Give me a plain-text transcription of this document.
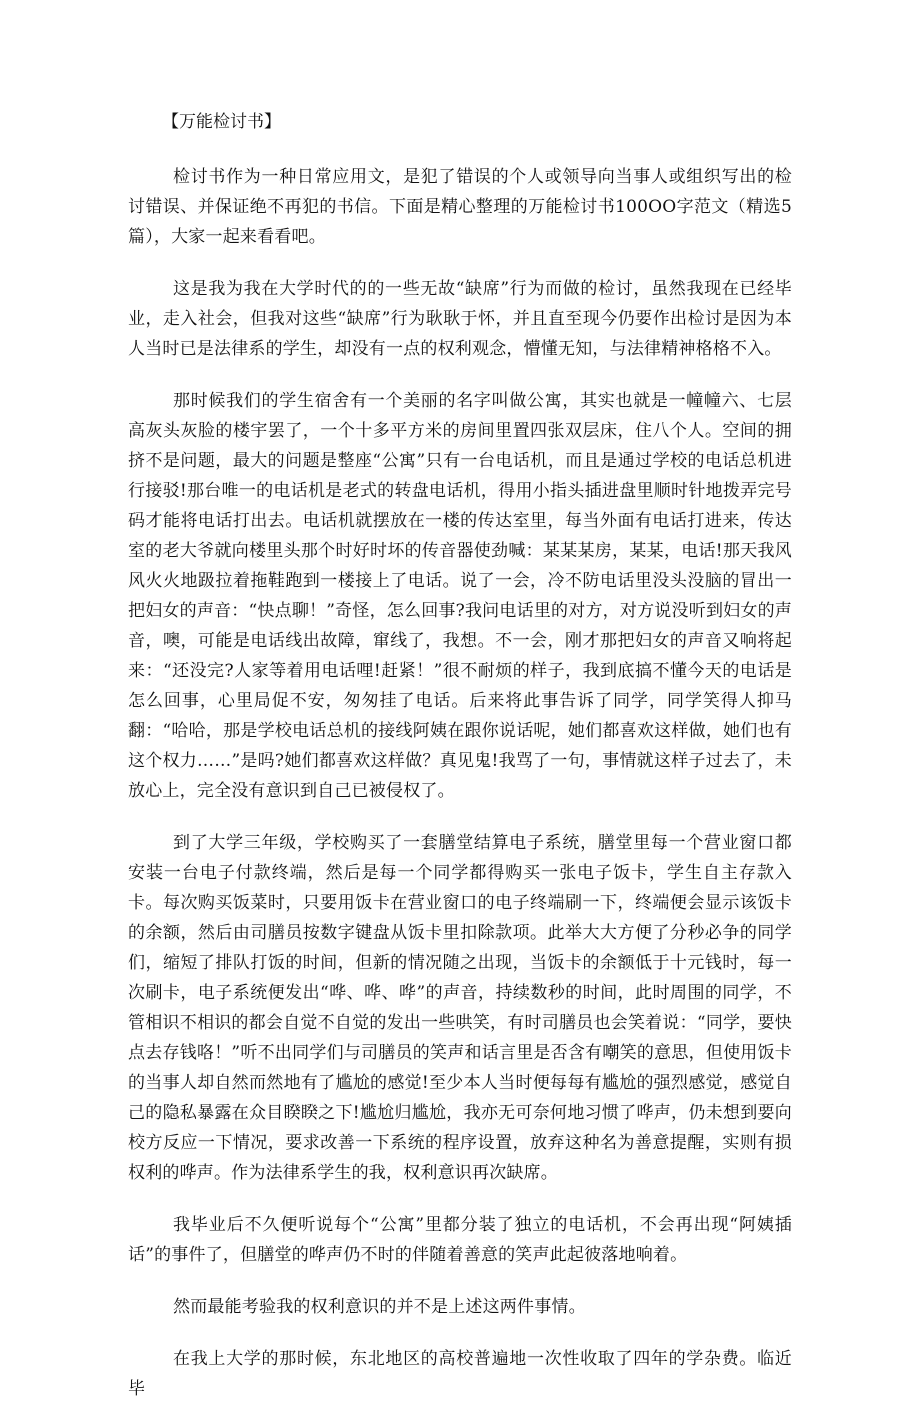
【万能检讨书】

检讨书作为一种日常应用文，是犯了错误的个人或领导向当事人或组织写出的检讨错误、并保证绝不再犯的书信。下面是精心整理的万能检讨书100OO字范文（精选5篇），大家一起来看看吧。

这是我为我在大学时代的的一些无故“缺席”行为而做的检讨，虽然我现在已经毕业，走入社会，但我对这些“缺席”行为耿耿于怀，并且直至现今仍要作出检讨是因为本人当时已是法律系的学生，却没有一点的权利观念，懵懂无知，与法律精神格格不入。

那时候我们的学生宿舍有一个美丽的名字叫做公寓，其实也就是一幢幢六、七层高灰头灰脸的楼宇罢了，一个十多平方米的房间里置四张双层床，住八个人。空间的拥挤不是问题，最大的问题是整座“公寓”只有一台电话机，而且是通过学校的电话总机进行接驳!那台唯一的电话机是老式的转盘电话机，得用小指头插进盘里顺时针地拨弄完号码才能将电话打出去。电话机就摆放在一楼的传达室里，每当外面有电话打进来，传达室的老大爷就向楼里头那个时好时坏的传音器使劲喊：某某某房，某某，电话!那天我风风火火地趿拉着拖鞋跑到一楼接上了电话。说了一会，冷不防电话里没头没脑的冒出一把妇女的声音：“快点聊！”奇怪，怎么回事?我问电话里的对方，对方说没听到妇女的声音，噢，可能是电话线出故障，窜线了，我想。不一会，刚才那把妇女的声音又响将起来：“还没完?人家等着用电话哩!赶紧！”很不耐烦的样子，我到底搞不懂今天的电话是怎么回事，心里局促不安，匆匆挂了电话。后来将此事告诉了同学，同学笑得人抑马翻：“哈哈，那是学校电话总机的接线阿姨在跟你说话呢，她们都喜欢这样做，她们也有这个权力……”是吗?她们都喜欢这样做？真见鬼!我骂了一句，事情就这样子过去了，未放心上，完全没有意识到自己已被侵权了。

到了大学三年级，学校购买了一套膳堂结算电子系统，膳堂里每一个营业窗口都安装一台电子付款终端，然后是每一个同学都得购买一张电子饭卡，学生自主存款入卡。每次购买饭菜时，只要用饭卡在营业窗口的电子终端刷一下，终端便会显示该饭卡的余额，然后由司膳员按数字键盘从饭卡里扣除款项。此举大大方便了分秒必争的同学们，缩短了排队打饭的时间，但新的情况随之出现，当饭卡的余额低于十元钱时，每一次刷卡，电子系统便发出“哗、哗、哗”的声音，持续数秒的时间，此时周围的同学，不管相识不相识的都会自觉不自觉的发出一些哄笑，有时司膳员也会笑着说：“同学，要快点去存钱咯！”听不出同学们与司膳员的笑声和话言里是否含有嘲笑的意思，但使用饭卡的当事人却自然而然地有了尴尬的感觉!至少本人当时便每每有尴尬的强烈感觉，感觉自己的隐私暴露在众目睽睽之下!尴尬归尴尬，我亦无可奈何地习惯了哗声，仍未想到要向校方反应一下情况，要求改善一下系统的程序设置，放弃这种名为善意提醒，实则有损权利的哗声。作为法律系学生的我，权利意识再次缺席。

我毕业后不久便听说每个“公寓”里都分装了独立的电话机，不会再出现“阿姨插话”的事件了，但膳堂的哗声仍不时的伴随着善意的笑声此起彼落地响着。

然而最能考验我的权利意识的并不是上述这两件事情。

在我上大学的那时候，东北地区的高校普遍地一次性收取了四年的学杂费。临近毕
